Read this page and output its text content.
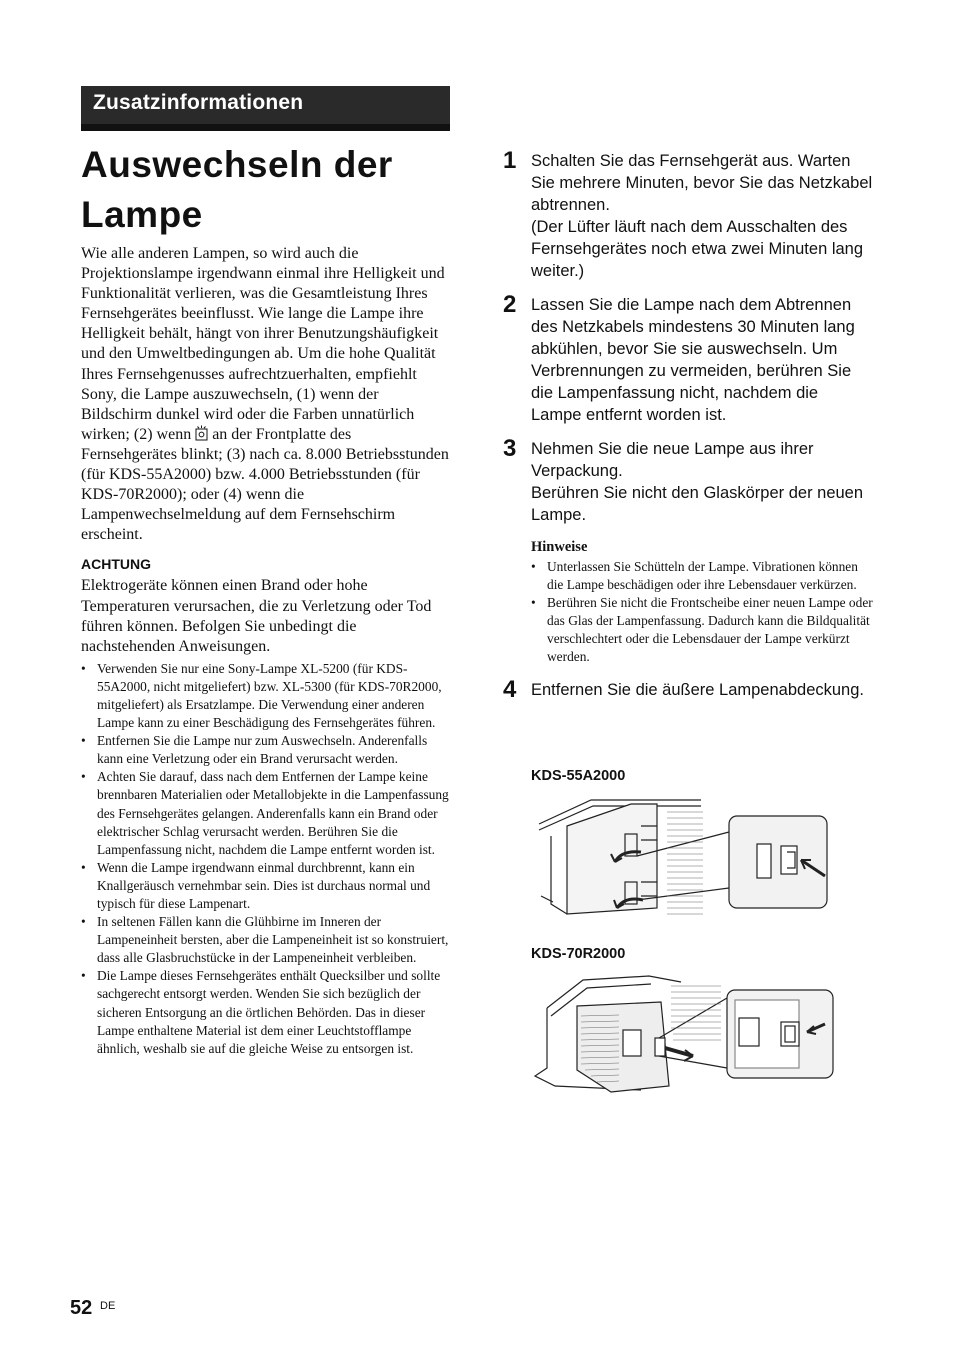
Zusatzinformationen
Auswechseln der
Lampe

Wie alle anderen Lampen, so wird auch die Projektionslampe irgendwann einmal ihre Helligkeit und Funktionalität verlieren, was die Gesamtleistung Ihres Fernsehgerätes beeinflusst. Wie lange die Lampe ihre Helligkeit behält, hängt von ihrer Benutzungshäufigkeit und den Umweltbedingungen ab. Um die hohe Qualität Ihres Fernsehgenusses aufrechtzuerhalten, empfiehlt Sony, die Lampe auszuwechseln, (1) wenn der Bildschirm dunkel wird oder die Farben unnatürlich wirken; (2) wenn an der Frontplatte des Fernsehgerätes blinkt; (3) nach ca. 8.000 Betriebsstunden (für KDS-55A2000) bzw. 4.000 Betriebsstunden (für KDS-70R2000); oder (4) wenn die Lampenwechselmeldung auf dem Fernsehschirm erscheint.

ACHTUNG

Elektrogeräte können einen Brand oder hohe Temperaturen verursachen, die zu Verletzung oder Tod führen können. Befolgen Sie unbedingt die nachstehenden Anweisungen.

• Verwenden Sie nur eine Sony-Lampe XL-5200 (für KDS-55A2000, nicht mitgeliefert) bzw. XL-5300 (für KDS-70R2000, mitgeliefert) als Ersatzlampe. Die Verwendung einer anderen Lampe kann zu einer Beschädigung des Fernsehgerätes führen.
• Entfernen Sie die Lampe nur zum Auswechseln. Anderenfalls kann eine Verletzung oder ein Brand verursacht werden.
• Achten Sie darauf, dass nach dem Entfernen der Lampe keine brennbaren Materialien oder Metallobjekte in die Lampenfassung des Fernsehgerätes gelangen. Anderenfalls kann ein Brand oder elektrischer Schlag verursacht werden. Berühren Sie die Lampenfassung nicht, nachdem die Lampe entfernt worden ist.
• Wenn die Lampe irgendwann einmal durchbrennt, kann ein Knallgeräusch vernehmbar sein. Dies ist durchaus normal und typisch für diese Lampenart.
• In seltenen Fällen kann die Glühbirne im Inneren der Lampeneinheit bersten, aber die Lampeneinheit ist so konstruiert, dass alle Glasbruchstücke in der Lampeneinheit verbleiben.
• Die Lampe dieses Fernsehgerätes enthält Quecksilber und sollte sachgerecht entsorgt werden. Wenden Sie sich bezüglich der sicheren Entsorgung an die örtlichen Behörden. Das in dieser Lampe enthaltene Material ist dem einer Leuchtstofflampe ähnlich, weshalb sie auf die gleiche Weise zu entsorgen ist.
1 Schalten Sie das Fernsehgerät aus. Warten Sie mehrere Minuten, bevor Sie das Netzkabel abtrennen.

(Der Lüfter läuft nach dem Ausschalten des Fernsehgerätes noch etwa zwei Minuten lang weiter.)

2 Lassen Sie die Lampe nach dem Abtrennen des Netzkabels mindestens 30 Minuten lang abkühlen, bevor Sie sie auswechseln. Um Verbrennungen zu vermeiden, berühren Sie die Lampenfassung nicht, nachdem die Lampe entfernt worden ist.

3 Nehmen Sie die neue Lampe aus ihrer Verpackung.

Berühren Sie nicht den Glaskörper der neuen Lampe.

Hinweise
• Unterlassen Sie Schütteln der Lampe. Vibrationen können die Lampe beschädigen oder ihre Lebensdauer verkürzen.
• Berühren Sie nicht die Frontscheibe einer neuen Lampe oder das Glas der Lampenfassung. Dadurch kann die Bildqualität verschlechtert oder die Lebensdauer der Lampe verkürzt werden.
4 Entfernen Sie die äußere Lampenabdeckung.

KDS-55A2000
KDS-70R2000
52 DE
